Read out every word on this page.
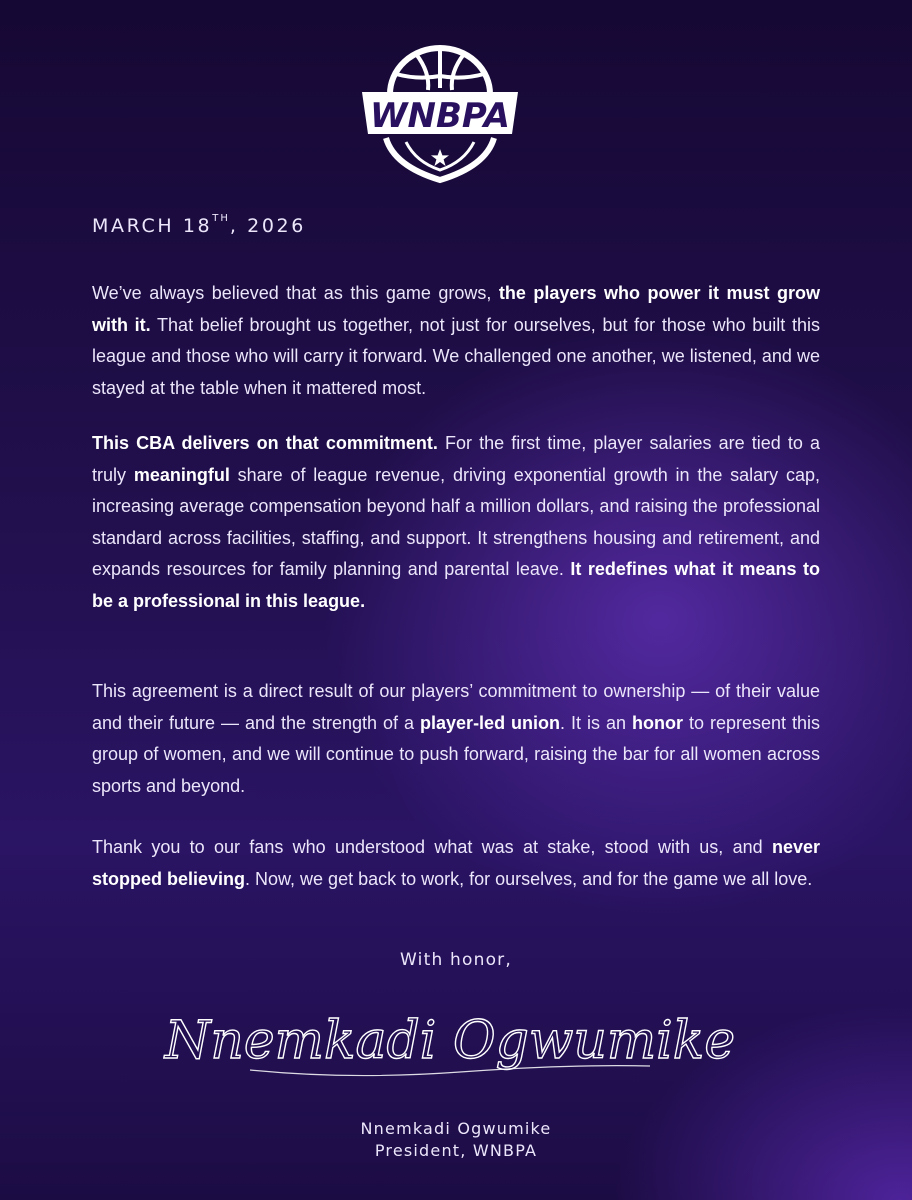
WNBPA
MARCH 18TH, 2026

We’ve always believed that as this game grows, the players who power it must grow with it. That belief brought us together, not just for ourselves, but for those who built this league and those who will carry it forward. We challenged one another, we listened, and we stayed at the table when it mattered most.

This CBA delivers on that commitment. For the first time, player salaries are tied to a truly meaningful share of league revenue, driving exponential growth in the salary cap, increasing average compensation beyond half a million dollars, and raising the professional standard across facilities, staffing, and support. It strengthens housing and retirement, and expands resources for family planning and parental leave. It redefines what it means to be a professional in this league.

This agreement is a direct result of our players’ commitment to ownership — of their value and their future — and the strength of a player-led union. It is an honor to represent this group of women, and we will continue to push forward, raising the bar for all women across sports and beyond.

Thank you to our fans who understood what was at stake, stood with us, and never stopped believing. Now, we get back to work, for ourselves, and for the game we all love.

With honor,
Nnemkadi Ogwumike
Nnemkadi Ogwumike
President, WNBPA
